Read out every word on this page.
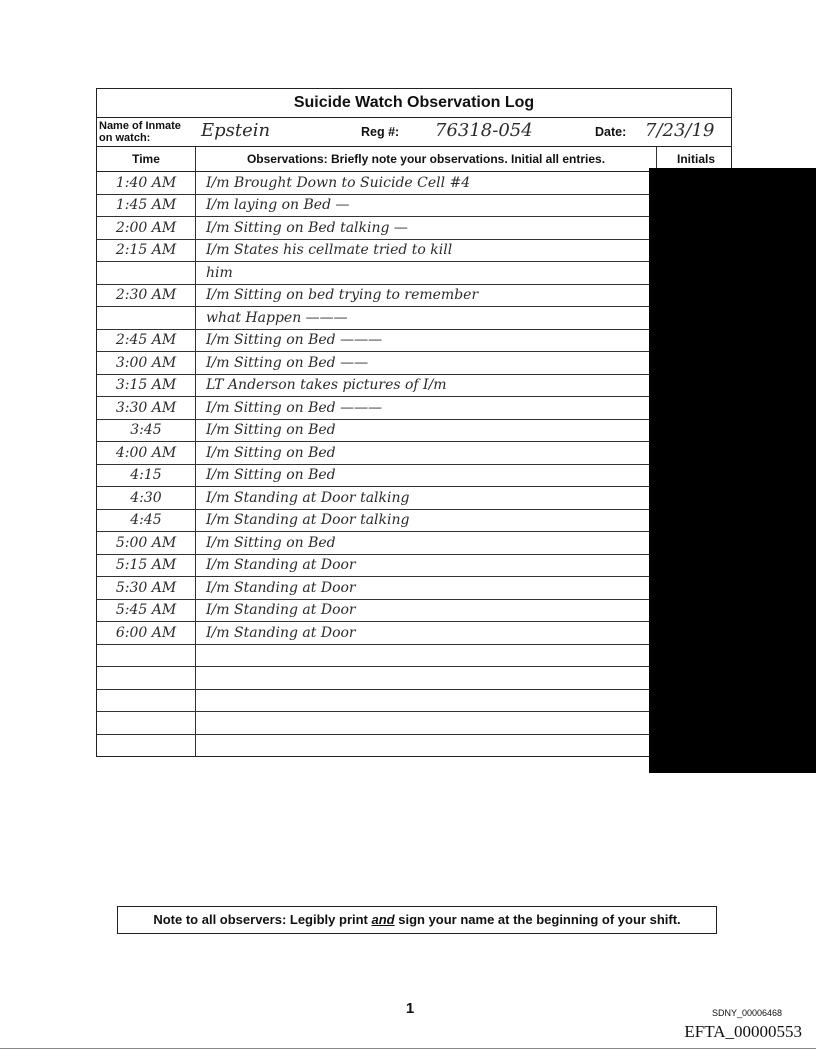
Suicide Watch Observation Log
Name of Inmate on watch:	Epstein	Reg #: 76318-054	Date: 7/23/19
Time	Observations: Briefly note your observations. Initial all entries.	Initials
1:40 AM	I/m Brought Down to Suicide Cell #4	
1:45 AM	I/m laying on Bed —	
2:00 AM	I/m Sitting on Bed talking —	
2:15 AM	I/m States his cellmate tried to kill	
	him	
2:30 AM	I/m Sitting on bed trying to remember	
	what Happen ———	
2:45 AM	I/m Sitting on Bed ———	
3:00 AM	I/m Sitting on Bed ——	
3:15 AM	LT Anderson takes pictures of I/m	
3:30 AM	I/m Sitting on Bed ———	
3:45	I/m Sitting on Bed	
4:00 AM	I/m Sitting on Bed	
4:15	I/m Sitting on Bed	
4:30	I/m Standing at Door talking	
4:45	I/m Standing at Door talking	
5:00 AM	I/m Sitting on Bed	
5:15 AM	I/m Standing at Door	
5:30 AM	I/m Standing at Door	
5:45 AM	I/m Standing at Door	
6:00 AM	I/m Standing at Door	

Note to all observers: Legibly print and sign your name at the beginning of your shift.
1	SDNY_00006468
EFTA_00000553
